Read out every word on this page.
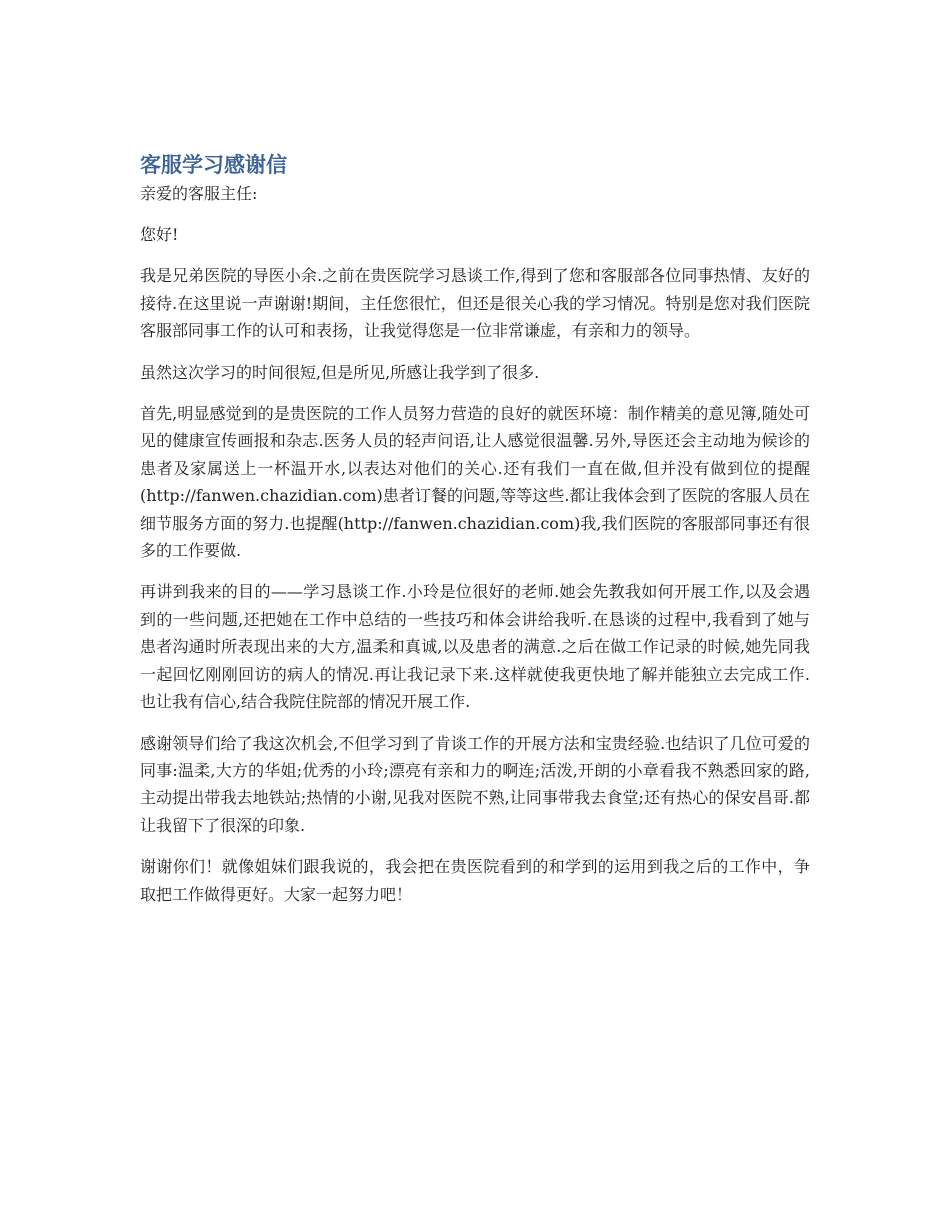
客服学习感谢信

亲爱的客服主任:

您好!

我是兄弟医院的导医小余.之前在贵医院学习恳谈工作,得到了您和客服部各位同事热情、友好的接待.在这里说一声谢谢!期间，主任您很忙，但还是很关心我的学习情况。特别是您对我们医院客服部同事工作的认可和表扬，让我觉得您是一位非常谦虚，有亲和力的领导。

虽然这次学习的时间很短,但是所见,所感让我学到了很多.

首先,明显感觉到的是贵医院的工作人员努力营造的良好的就医环境：制作精美的意见簿,随处可见的健康宣传画报和杂志.医务人员的轻声问语,让人感觉很温馨.另外,导医还会主动地为候诊的患者及家属送上一杯温开水,以表达对他们的关心.还有我们一直在做,但并没有做到位的提醒(http://fanwen.chazidian.com)患者订餐的问题,等等这些.都让我体会到了医院的客服人员在细节服务方面的努力.也提醒(http://fanwen.chazidian.com)我,我们医院的客服部同事还有很多的工作要做.

再讲到我来的目的——学习恳谈工作.小玲是位很好的老师.她会先教我如何开展工作,以及会遇到的一些问题,还把她在工作中总结的一些技巧和体会讲给我听.在恳谈的过程中,我看到了她与患者沟通时所表现出来的大方,温柔和真诚,以及患者的满意.之后在做工作记录的时候,她先同我一起回忆刚刚回访的病人的情况.再让我记录下来.这样就使我更快地了解并能独立去完成工作.也让我有信心,结合我院住院部的情况开展工作.

感谢领导们给了我这次机会,不但学习到了肯谈工作的开展方法和宝贵经验.也结识了几位可爱的同事:温柔,大方的华姐;优秀的小玲;漂亮有亲和力的啊连;活泼,开朗的小章看我不熟悉回家的路,主动提出带我去地铁站;热情的小谢,见我对医院不熟,让同事带我去食堂;还有热心的保安昌哥.都让我留下了很深的印象.

谢谢你们！就像姐妹们跟我说的，我会把在贵医院看到的和学到的运用到我之后的工作中，争取把工作做得更好。大家一起努力吧！
